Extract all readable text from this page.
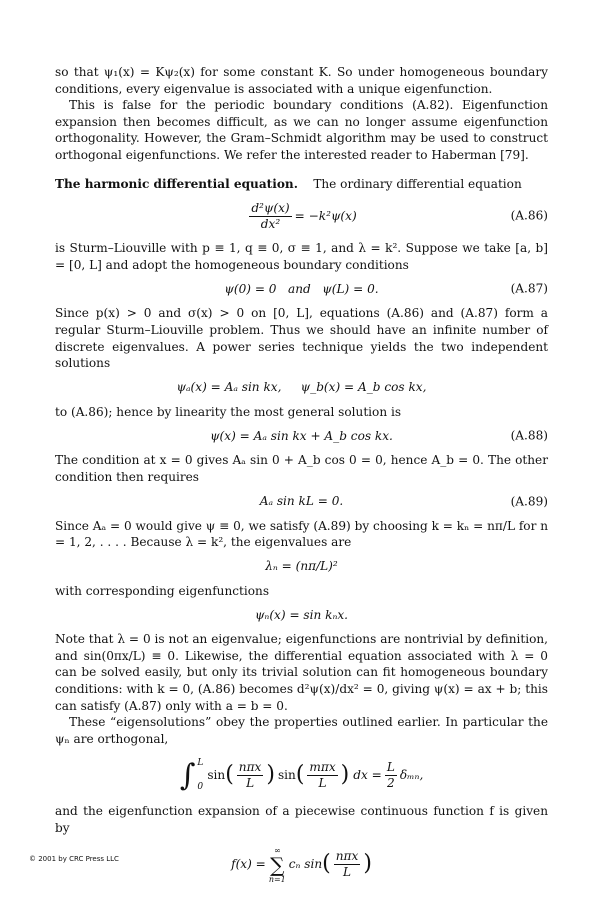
so that ψ₁(x) = Kψ₂(x) for some constant K. So under homogeneous boundary conditions, every eigenvalue is associated with a unique eigenfunction.

This is false for the periodic boundary conditions (A.82). Eigenfunction expansion then becomes difficult, as we can no longer assume eigenfunction orthogonality. However, the Gram–Schmidt algorithm may be used to construct orthogonal eigenfunctions. We refer the interested reader to Haberman [79].

The harmonic differential equation. The ordinary differential equation

$\frac{\text{d²ψ(x)}}{\text{dx²}} = -k^2\psi(x)$	(A.86)

is Sturm–Liouville with p ≡ 1, q ≡ 0, σ ≡ 1, and λ = k². Suppose we take [a, b] = [0, L] and adopt the homogeneous boundary conditions

ψ(0) = 0   and   ψ(L) = 0.	(A.87)

Since p(x) > 0 and σ(x) > 0 on [0, L], equations (A.86) and (A.87) form a regular Sturm–Liouville problem. Thus we should have an infinite number of discrete eigenvalues. A power series technique yields the two independent solutions

ψₐ(x) = Aₐ sin kx,     ψ_b(x) = A_b cos kx,

to (A.86); hence by linearity the most general solution is

ψ(x) = Aₐ sin kx + A_b cos kx.	(A.88)

The condition at x = 0 gives Aₐ sin 0 + A_b cos 0 = 0, hence A_b = 0. The other condition then requires

Aₐ sin kL = 0.	(A.89)

Since Aₐ = 0 would give ψ ≡ 0, we satisfy (A.89) by choosing k = kₙ = nπ/L for n = 1, 2, . . . . Because λ = k², the eigenvalues are

λₙ = (nπ/L)²

with corresponding eigenfunctions

ψₙ(x) = sin kₙx.

Note that λ = 0 is not an eigenvalue; eigenfunctions are nontrivial by definition, and sin(0πx/L) ≡ 0. Likewise, the differential equation associated with λ = 0 can be solved easily, but only its trivial solution can fit homogeneous boundary conditions: with k = 0, (A.86) becomes d²ψ(x)/dx² = 0, giving ψ(x) = ax + b; this can satisfy (A.87) only with a = b = 0.

These “eigensolutions” obey the properties outlined earlier. In particular the ψₙ are orthogonal,

∫ L
0
sin ( $\frac{\text{nπx}}{L}$ ) sin ( $\frac{\text{mπx}}{L}$ ) dx = $\frac{L}{2} \delta_{mn}$,

and the eigenfunction expansion of a piecewise continuous function f is given by

f(x) =
∞
∑
n=1
cₙ sin ( $\frac{\text{nπx}}{L}$ )
© 2001 by CRC Press LLC
